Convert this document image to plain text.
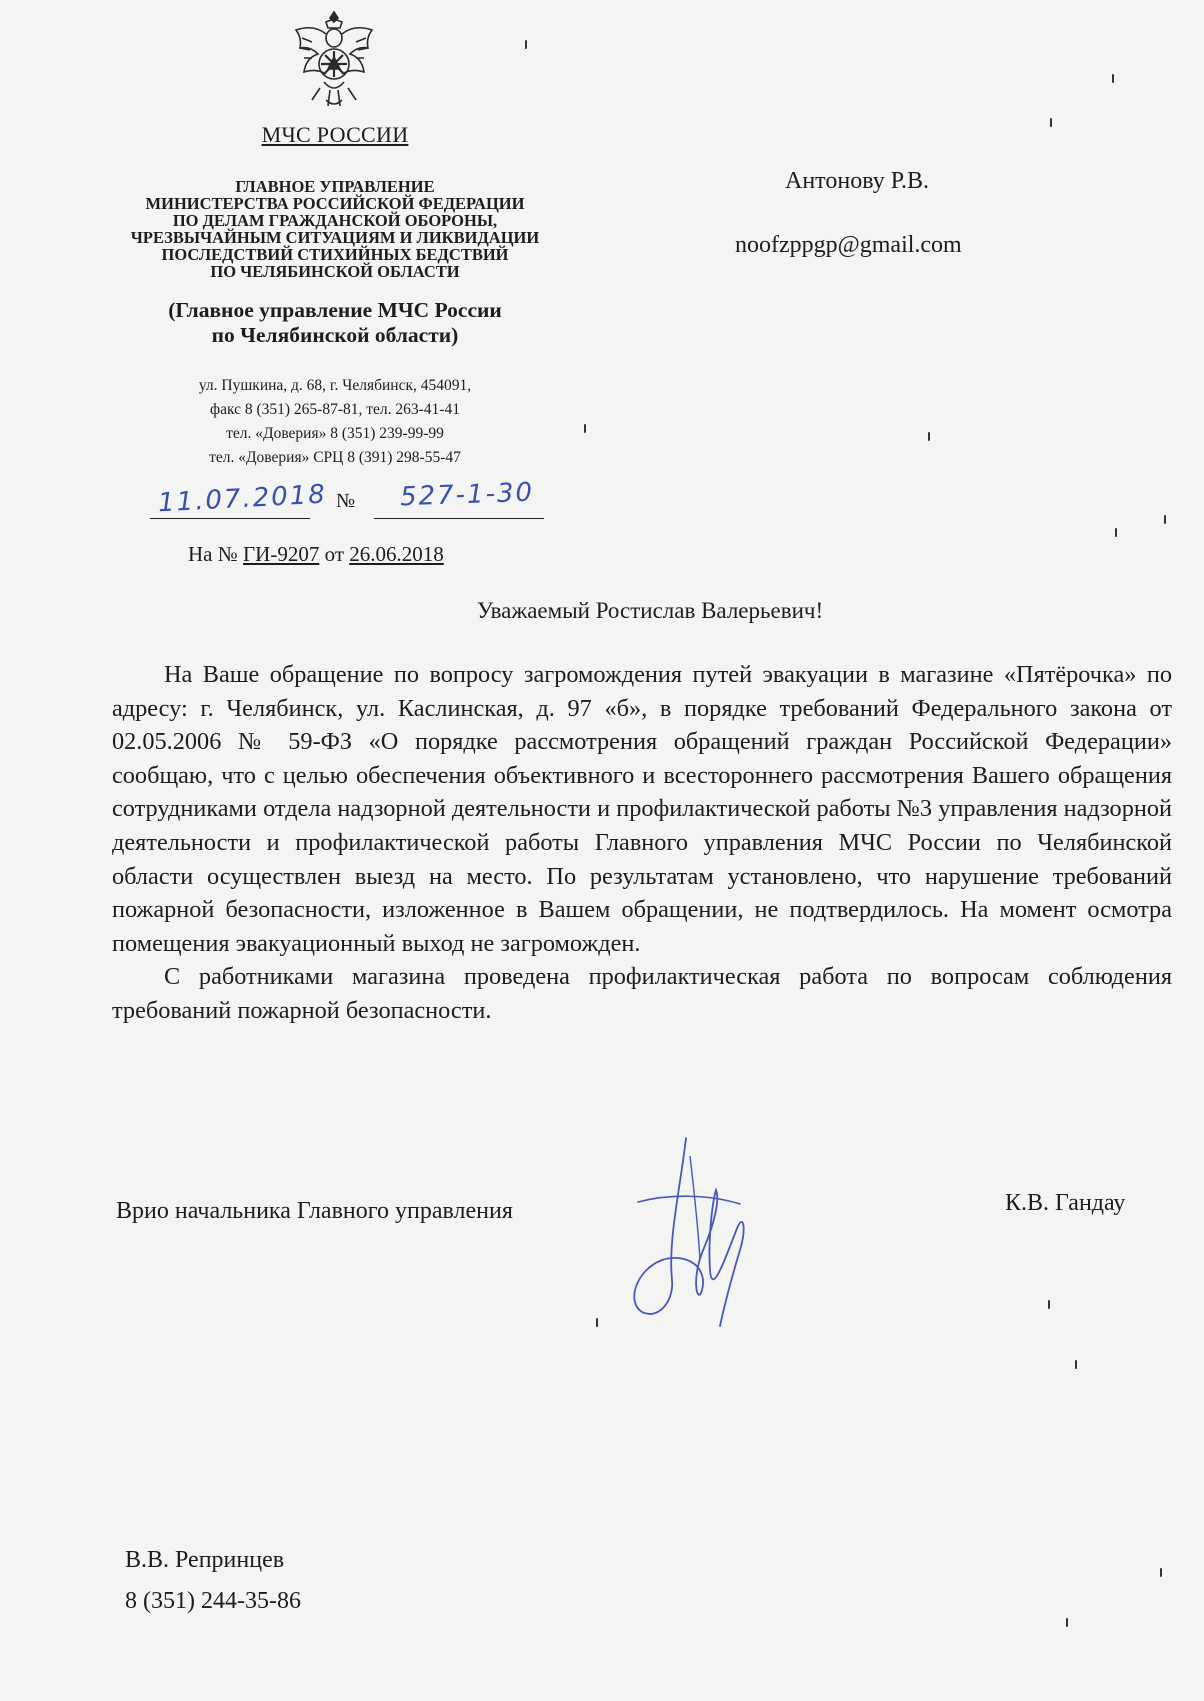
МЧС РОССИИ
ГЛАВНОЕ УПРАВЛЕНИЕ
МИНИСТЕРСТВА РОССИЙСКОЙ ФЕДЕРАЦИИ
ПО ДЕЛАМ ГРАЖДАНСКОЙ ОБОРОНЫ,
ЧРЕЗВЫЧАЙНЫМ СИТУАЦИЯМ И ЛИКВИДАЦИИ
ПОСЛЕДСТВИЙ СТИХИЙНЫХ БЕДСТВИЙ
ПО ЧЕЛЯБИНСКОЙ ОБЛАСТИ
(Главное управление МЧС России
по Челябинской области)
ул. Пушкина, д. 68, г. Челябинск, 454091,
факс 8 (351) 265-87-81, тел. 263-41-41
тел. «Доверия» 8 (351) 239-99-99
тел. «Доверия» СРЦ 8 (391) 298-55-47
11.07.2018 № 527-1-30
На № ГИ-9207 от 26.06.2018
Антонову Р.В.
noofzppgp@gmail.com
Уважаемый Ростислав Валерьевич!

На Ваше обращение по вопросу загромождения путей эвакуации в магазине «Пятёрочка» по адресу: г. Челябинск, ул. Каслинская, д. 97 «б», в порядке требований Федерального закона от 02.05.2006 № 59-ФЗ «О порядке рассмотрения обращений граждан Российской Федерации» сообщаю, что с целью обеспечения объективного и всестороннего рассмотрения Вашего обращения сотрудниками отдела надзорной деятельности и профилактической работы №3 управления надзорной деятельности и профилактической работы Главного управления МЧС России по Челябинской области осуществлен выезд на место. По результатам установлено, что нарушение требований пожарной безопасности, изложенное в Вашем обращении, не подтвердилось. На момент осмотра помещения эвакуационный выход не загроможден.

С работниками магазина проведена профилактическая работа по вопросам соблюдения требований пожарной безопасности.

Врио начальника Главного управления	К.В. Гандау
В.В. Репринцев
8 (351) 244-35-86
